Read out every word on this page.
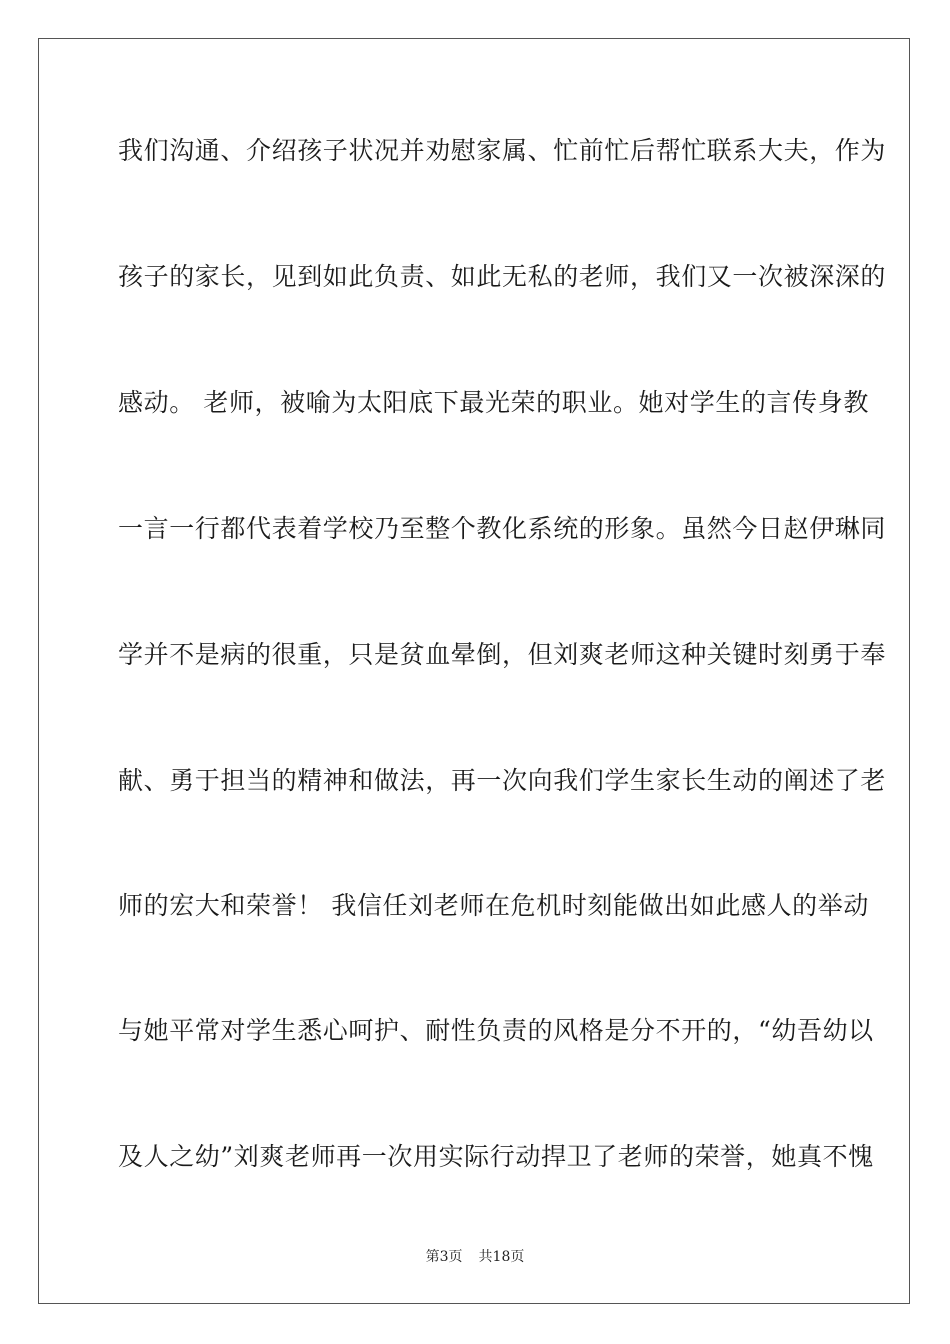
我们沟通、介绍孩子状况并劝慰家属、忙前忙后帮忙联系大夫，作为
孩子的家长，见到如此负责、如此无私的老师，我们又一次被深深的
感动。 老师，被喻为太阳底下最光荣的职业。她对学生的言传身教
一言一行都代表着学校乃至整个教化系统的形象。虽然今日赵伊琳同
学并不是病的很重，只是贫血晕倒，但刘爽老师这种关键时刻勇于奉
献、勇于担当的精神和做法，再一次向我们学生家长生动的阐述了老
师的宏大和荣誉！ 我信任刘老师在危机时刻能做出如此感人的举动
与她平常对学生悉心呵护、耐性负责的风格是分不开的，“幼吾幼以
及人之幼”刘爽老师再一次用实际行动捍卫了老师的荣誉，她真不愧
第3页 共18页
